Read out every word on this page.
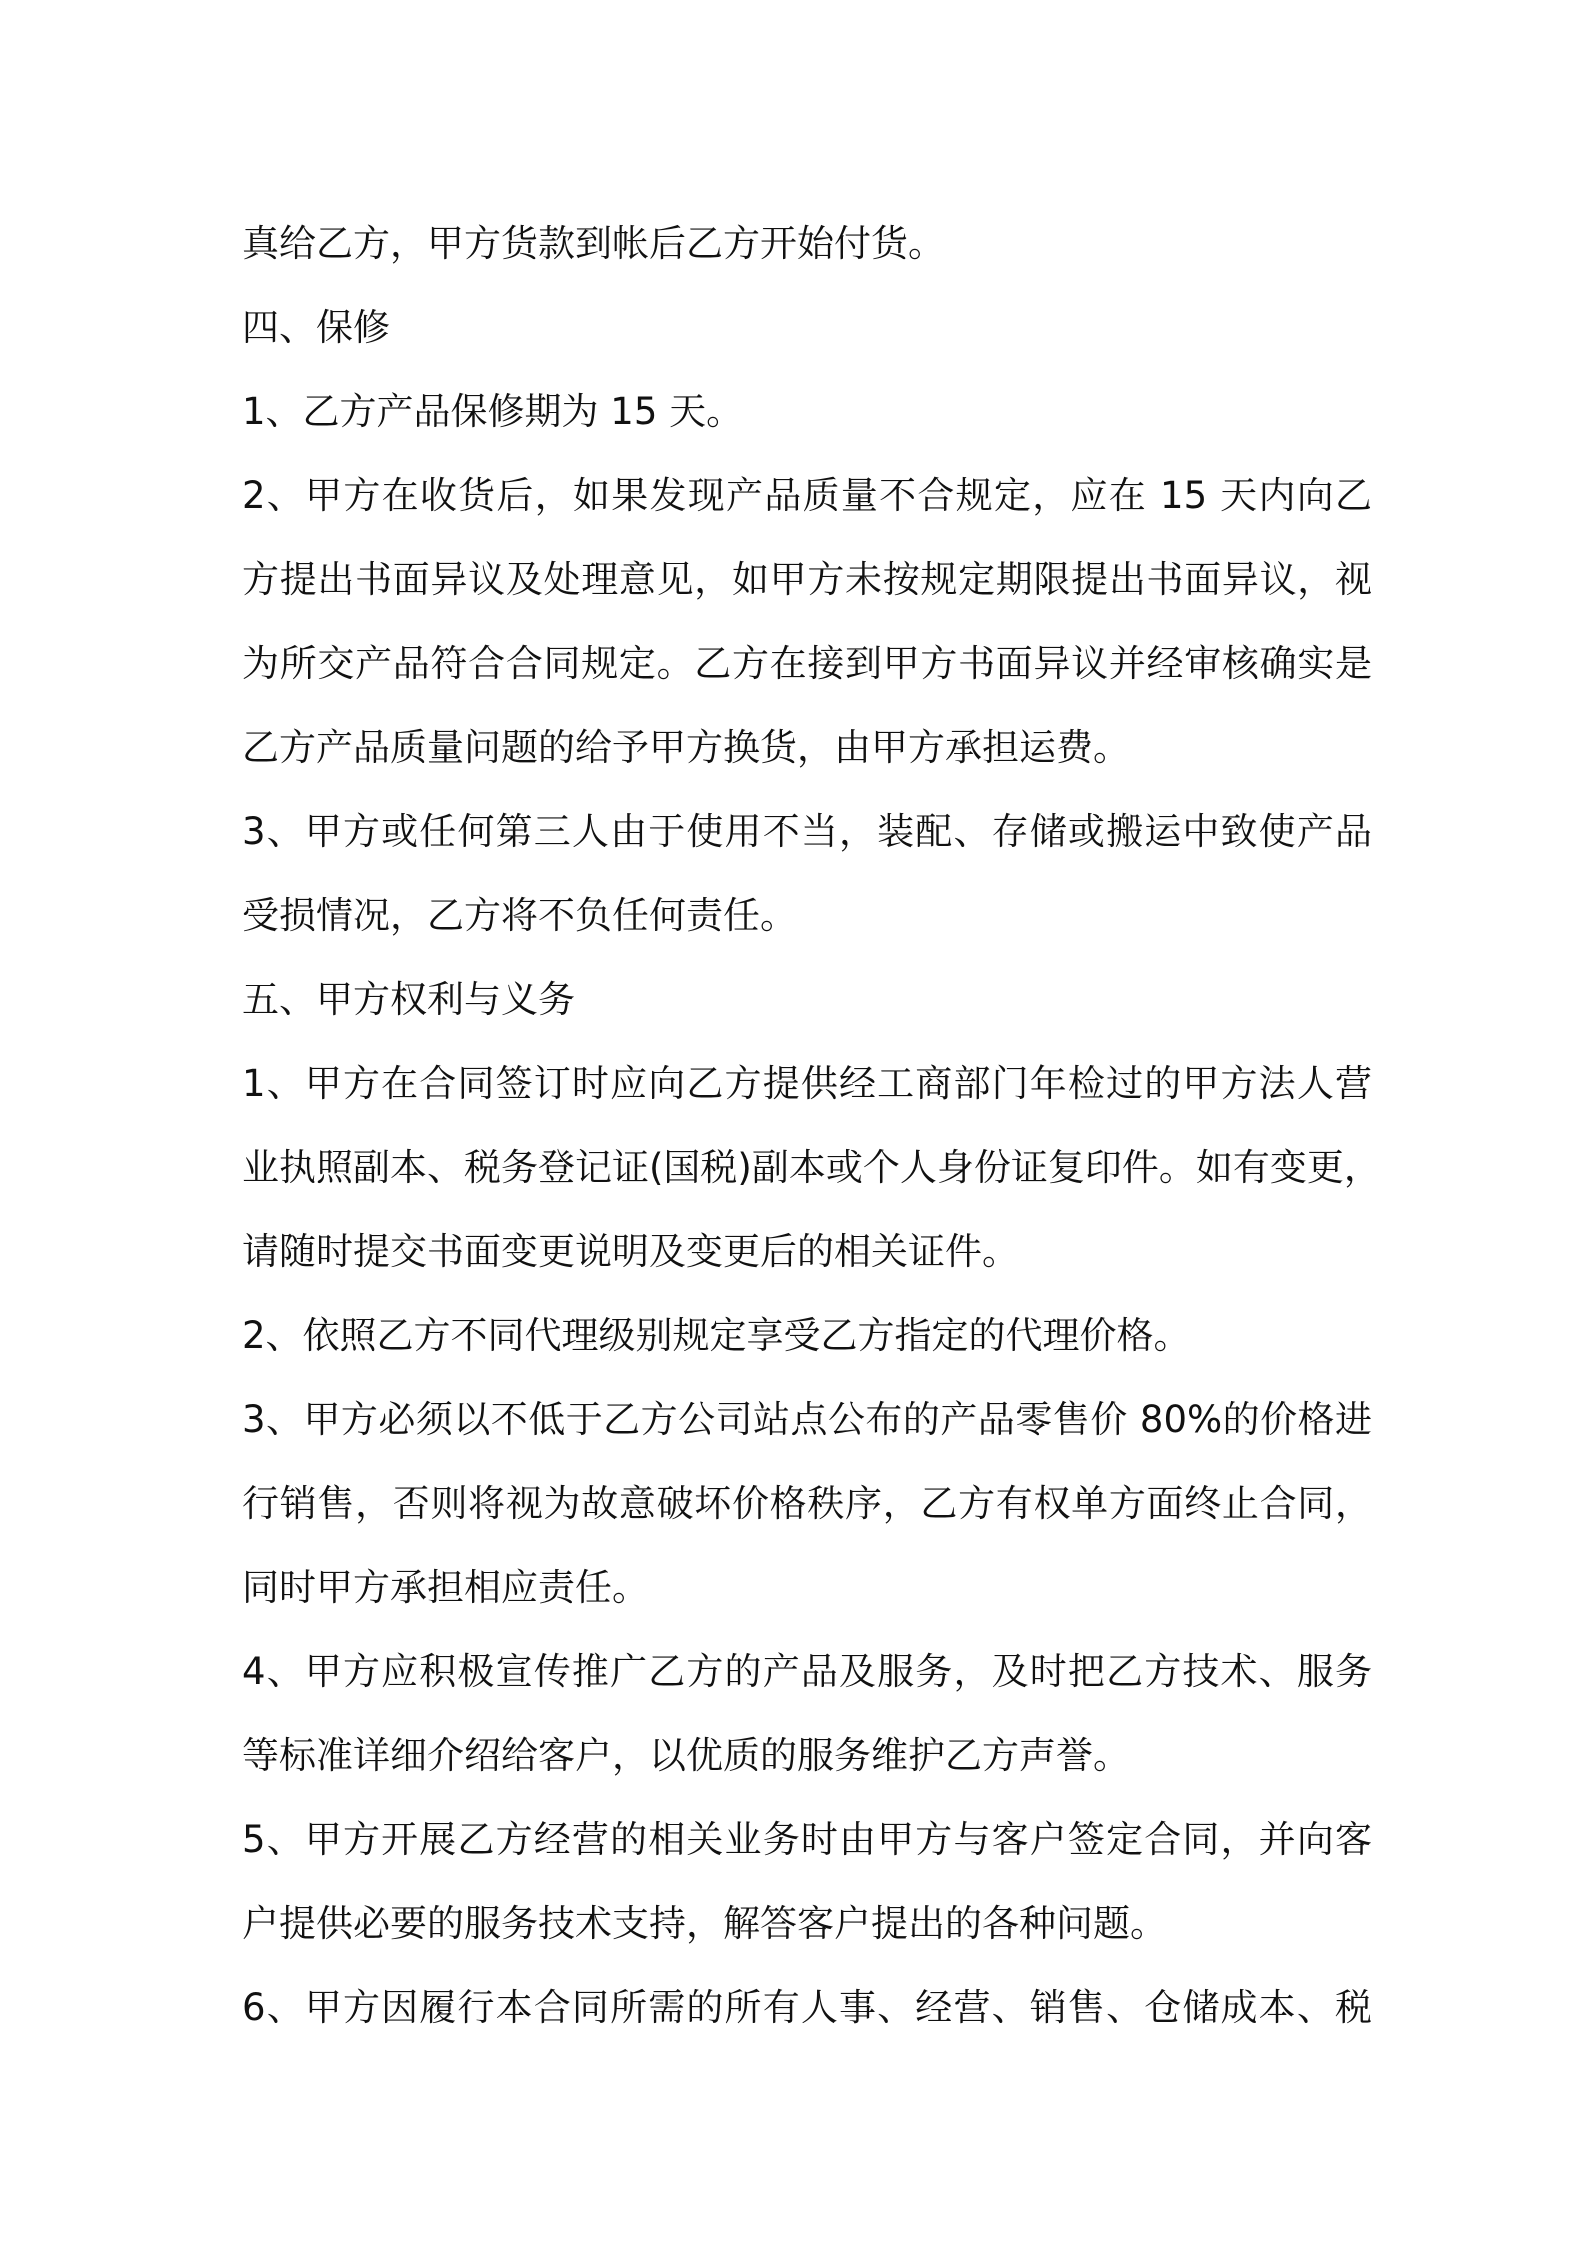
真给乙方，甲方货款到帐后乙方开始付货。
四、保修
1、乙方产品保修期为 15 天。
2、甲方在收货后，如果发现产品质量不合规定，应在 15 天内向乙
方提出书面异议及处理意见，如甲方未按规定期限提出书面异议，视
为所交产品符合合同规定。乙方在接到甲方书面异议并经审核确实是
乙方产品质量问题的给予甲方换货，由甲方承担运费。
3、甲方或任何第三人由于使用不当，装配、存储或搬运中致使产品
受损情况，乙方将不负任何责任。
五、甲方权利与义务
1、甲方在合同签订时应向乙方提供经工商部门年检过的甲方法人营
业执照副本、税务登记证(国税)副本或个人身份证复印件。如有变更，
请随时提交书面变更说明及变更后的相关证件。
2、依照乙方不同代理级别规定享受乙方指定的代理价格。
3、甲方必须以不低于乙方公司站点公布的产品零售价 80%的价格进
行销售，否则将视为故意破坏价格秩序，乙方有权单方面终止合同，
同时甲方承担相应责任。
4、甲方应积极宣传推广乙方的产品及服务，及时把乙方技术、服务
等标准详细介绍给客户，以优质的服务维护乙方声誉。
5、甲方开展乙方经营的相关业务时由甲方与客户签定合同，并向客
户提供必要的服务技术支持，解答客户提出的各种问题。
6、甲方因履行本合同所需的所有人事、经营、销售、仓储成本、税
